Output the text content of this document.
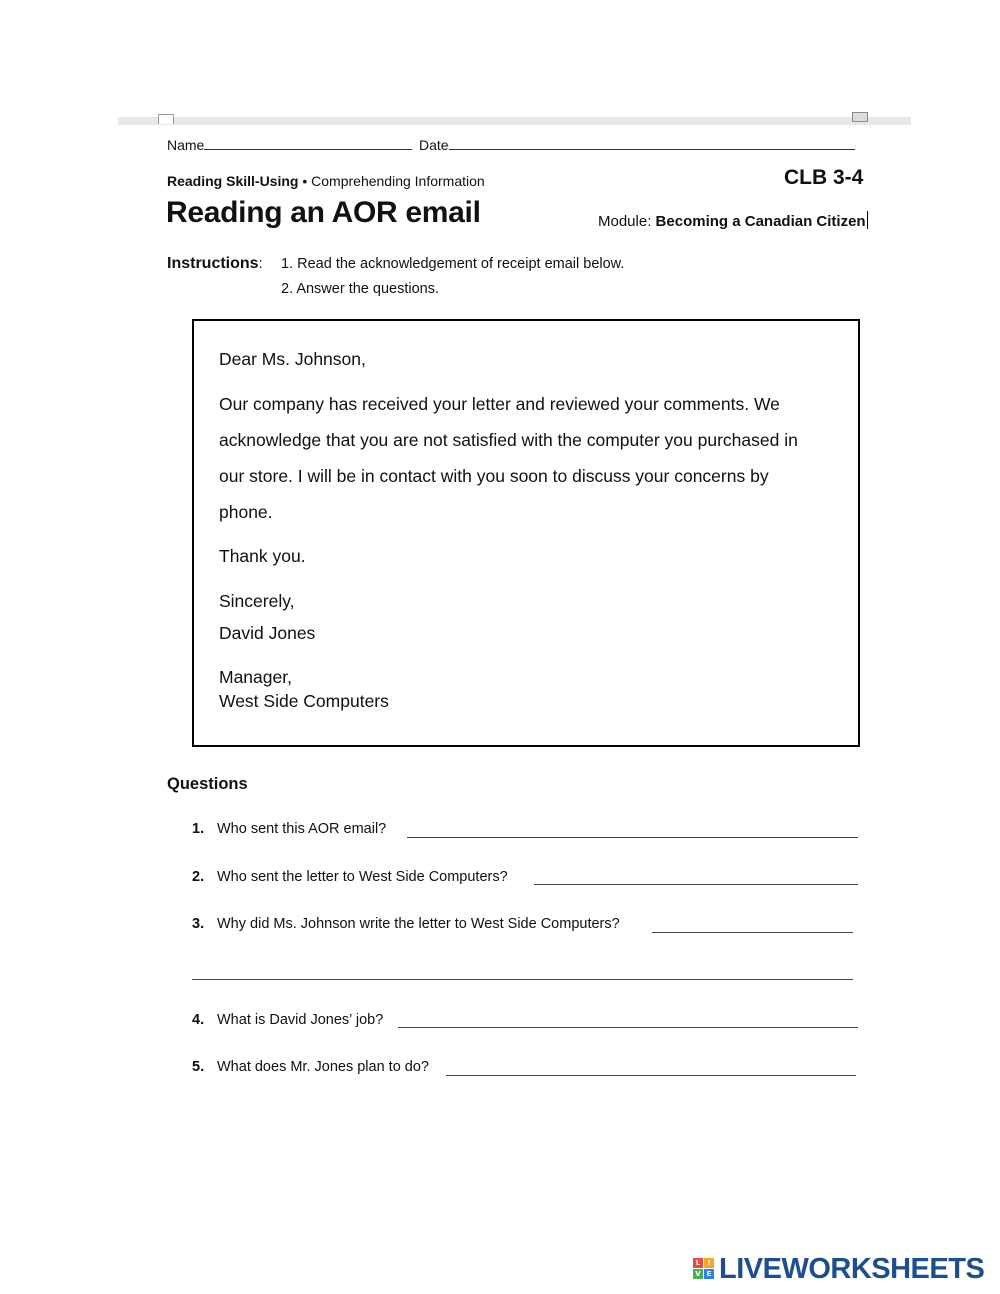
Name	Date
Reading Skill-Using • Comprehending Information	CLB 3-4
Reading an AOR email	Module: Becoming a Canadian Citizen
Instructions: 1. Read the acknowledgement of receipt email below.
2. Answer the questions.
Dear Ms. Johnson,
Our company has received your letter and reviewed your comments. We
acknowledge that you are not satisfied with the computer you purchased in
our store. I will be in contact with you soon to discuss your concerns by
phone.
Thank you.
Sincerely,
David Jones
Manager,
West Side Computers
Questions
1. Who sent this AOR email?
2. Who sent the letter to West Side Computers?
3. Why did Ms. Johnson write the letter to West Side Computers?
4. What is David Jones’ job?
5. What does Mr. Jones plan to do?
L	I
V E LIVEWORKSHEETS
